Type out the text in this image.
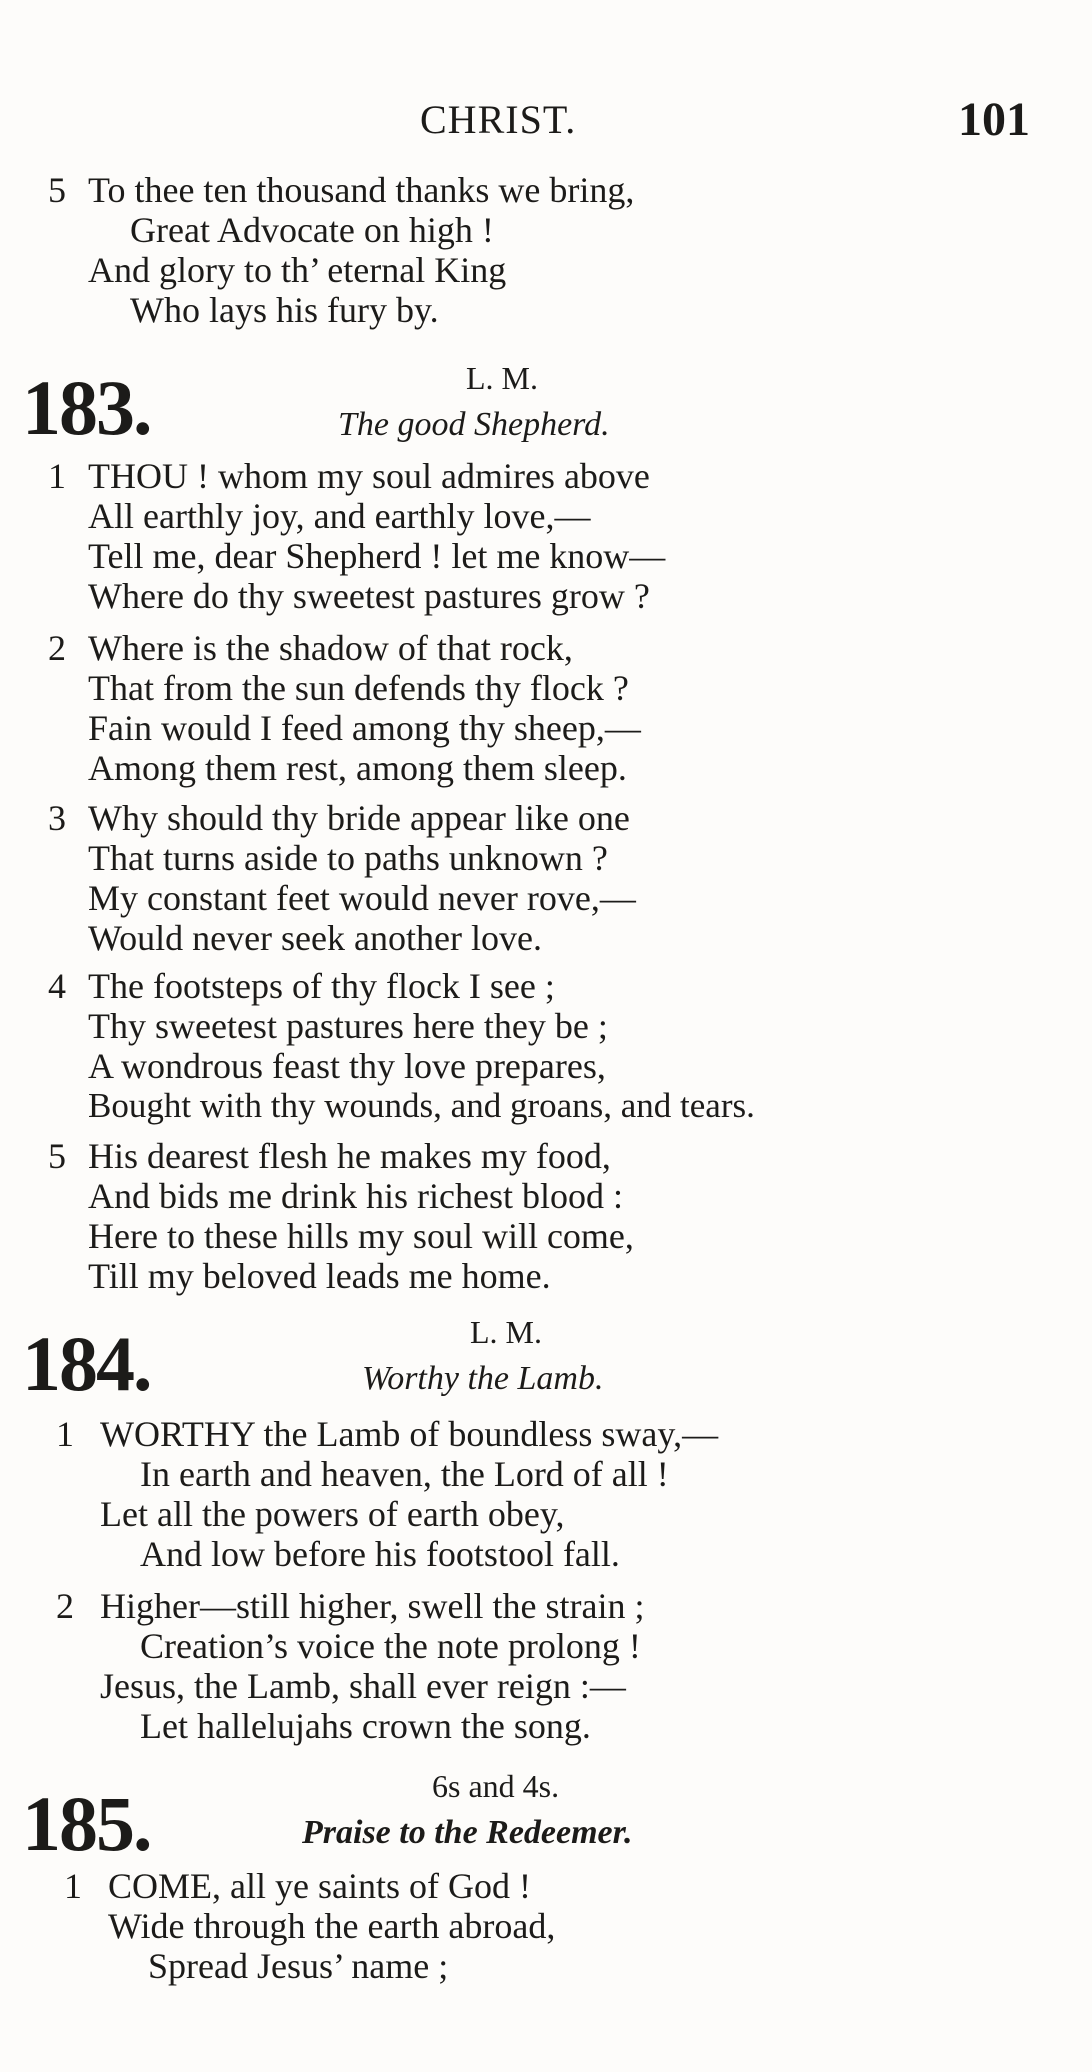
CHRIST.	101
5 To thee ten thousand thanks we bring,
Great Advocate on high !
And glory to th’ eternal King
Who lays his fury by.
183.	L. M.
The good Shepherd.
1 THOU ! whom my soul admires above
All earthly joy, and earthly love,—
Tell me, dear Shepherd ! let me know—
Where do thy sweetest pastures grow ?
2 Where is the shadow of that rock,
That from the sun defends thy flock ?
Fain would I feed among thy sheep,—
Among them rest, among them sleep.
3 Why should thy bride appear like one
That turns aside to paths unknown ?
My constant feet would never rove,—
Would never seek another love.
4 The footsteps of thy flock I see ;
Thy sweetest pastures here they be ;
A wondrous feast thy love prepares,
Bought with thy wounds, and groans, and tears.
5 His dearest flesh he makes my food,
And bids me drink his richest blood :
Here to these hills my soul will come,
Till my beloved leads me home.
184.	L. M.
Worthy the Lamb.
1 WORTHY the Lamb of boundless sway,—
In earth and heaven, the Lord of all !
Let all the powers of earth obey,
And low before his footstool fall.
2 Higher—still higher, swell the strain ;
Creation’s voice the note prolong !
Jesus, the Lamb, shall ever reign :—
Let hallelujahs crown the song.
185.	6s and 4s.
Praise to the Redeemer.
1 COME, all ye saints of God !
Wide through the earth abroad,
Spread Jesus’ name ;
